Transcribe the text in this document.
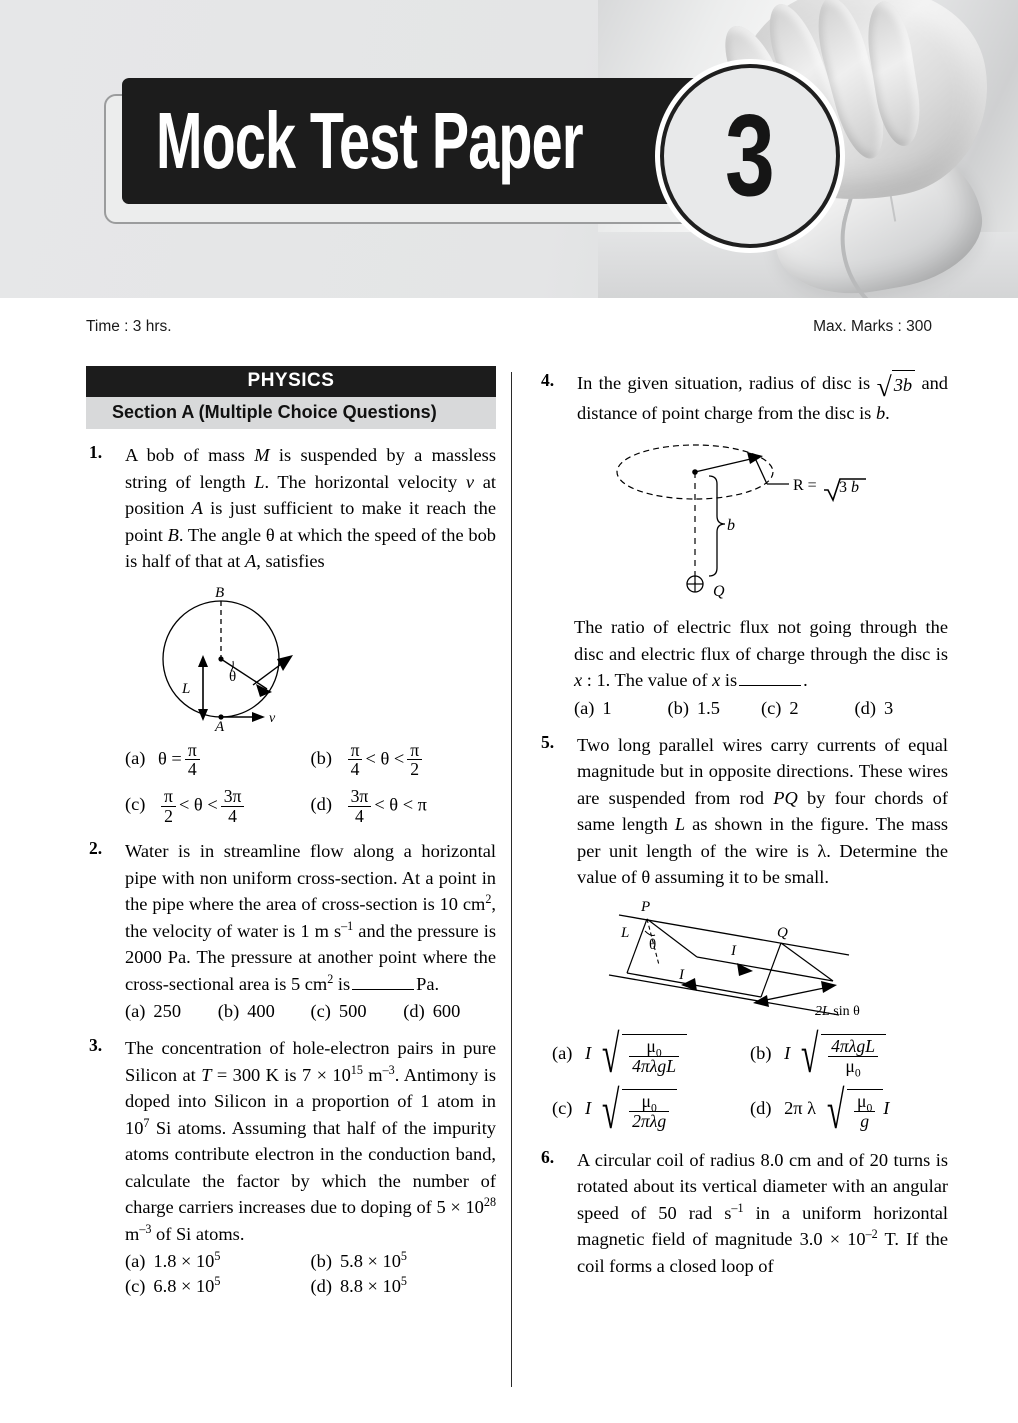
Mock Test Paper 3
Time : 3 hrs.	Max. Marks : 300
PHYSICS
Section A (Multiple Choice Questions)
1.	A bob of mass M is suspended by a massless string of length L. The horizontal velocity v at position A is just sufficient to make it reach the point B. The angle θ at which the speed of the bob is half of that at A, satisfies
B
A
L
θ
v
(a) $\theta = \frac{\pi}{4}$	$(b) \frac{\pi}{4} < \theta < \frac{\pi}{2}$
$(c) \frac{\pi}{2} < \theta < \frac{3\pi}{4}$	$(d) \frac{3\pi}{4} < \theta < \pi$
2.	Water is in streamline flow along a horizontal pipe with non uniform cross-section. At a point in the pipe where the area of cross-section is 10 $cm^2$, the velocity of water is 1 m $s^{-1}$ and the pressure is 2000 Pa. The pressure at another point where the cross-sectional area is 5 $cm^2$ is	Pa.
(a) 250	(b) 400	(c) 500	(d) 600
3.	The concentration of hole-electron pairs in pure Silicon at T = 300 K is $7 \times 10^{15}$ $m^{-3}$. Antimony is doped into Silicon in a proportion of 1 atom in $10^7$ Si atoms. Assuming that half of the impurity atoms contribute electron in the conduction band, calculate the factor by which the number of charge carriers increases due to doping of $5 \times 10^{28}$ $m^{-3}$ of Si atoms.
(a) $1.8 \times 10^5$	(b) $5.8 \times 10^5$
(c) $6.8 \times 10^5$	(d) $8.8 \times 10^5$
4.	In the given situation, radius of disc is √ 3b and distance of point charge from the disc is b.
R = 3 b
b
Q
The ratio of electric flux not going through the disc and electric flux of charge through the disc is x : 1. The value of x is	.
(a) 1	(b) 1.5	(c) 2	(d) 3
5.	Two long parallel wires carry currents of equal magnitude but in opposite directions. These wires are suspended from rod PQ by four chords of same length L as shown in the figure. The mass per unit length of the wire is λ. Determine the value of θ assuming it to be small.
P
Q
L
θ	I
I
2L sin θ
(a) I √ $\frac{\mu_0}{\text{4πλgL}}$	(b) I √ $\frac{\text{4πλgL}}{\mu_0}$
(c) I √ $\frac{\mu_0}{\text{2πλg}}$	(d) 2π λ √ $\frac{\mu_0}{g}$ I
6.	A circular coil of radius 8.0 cm and of 20 turns is rotated about its vertical diameter with an angular speed of 50 rad $s^{-1}$ in a uniform horizontal magnetic field of magnitude $3.0 \times 10^{-2}$ T. If the coil forms a closed loop of
